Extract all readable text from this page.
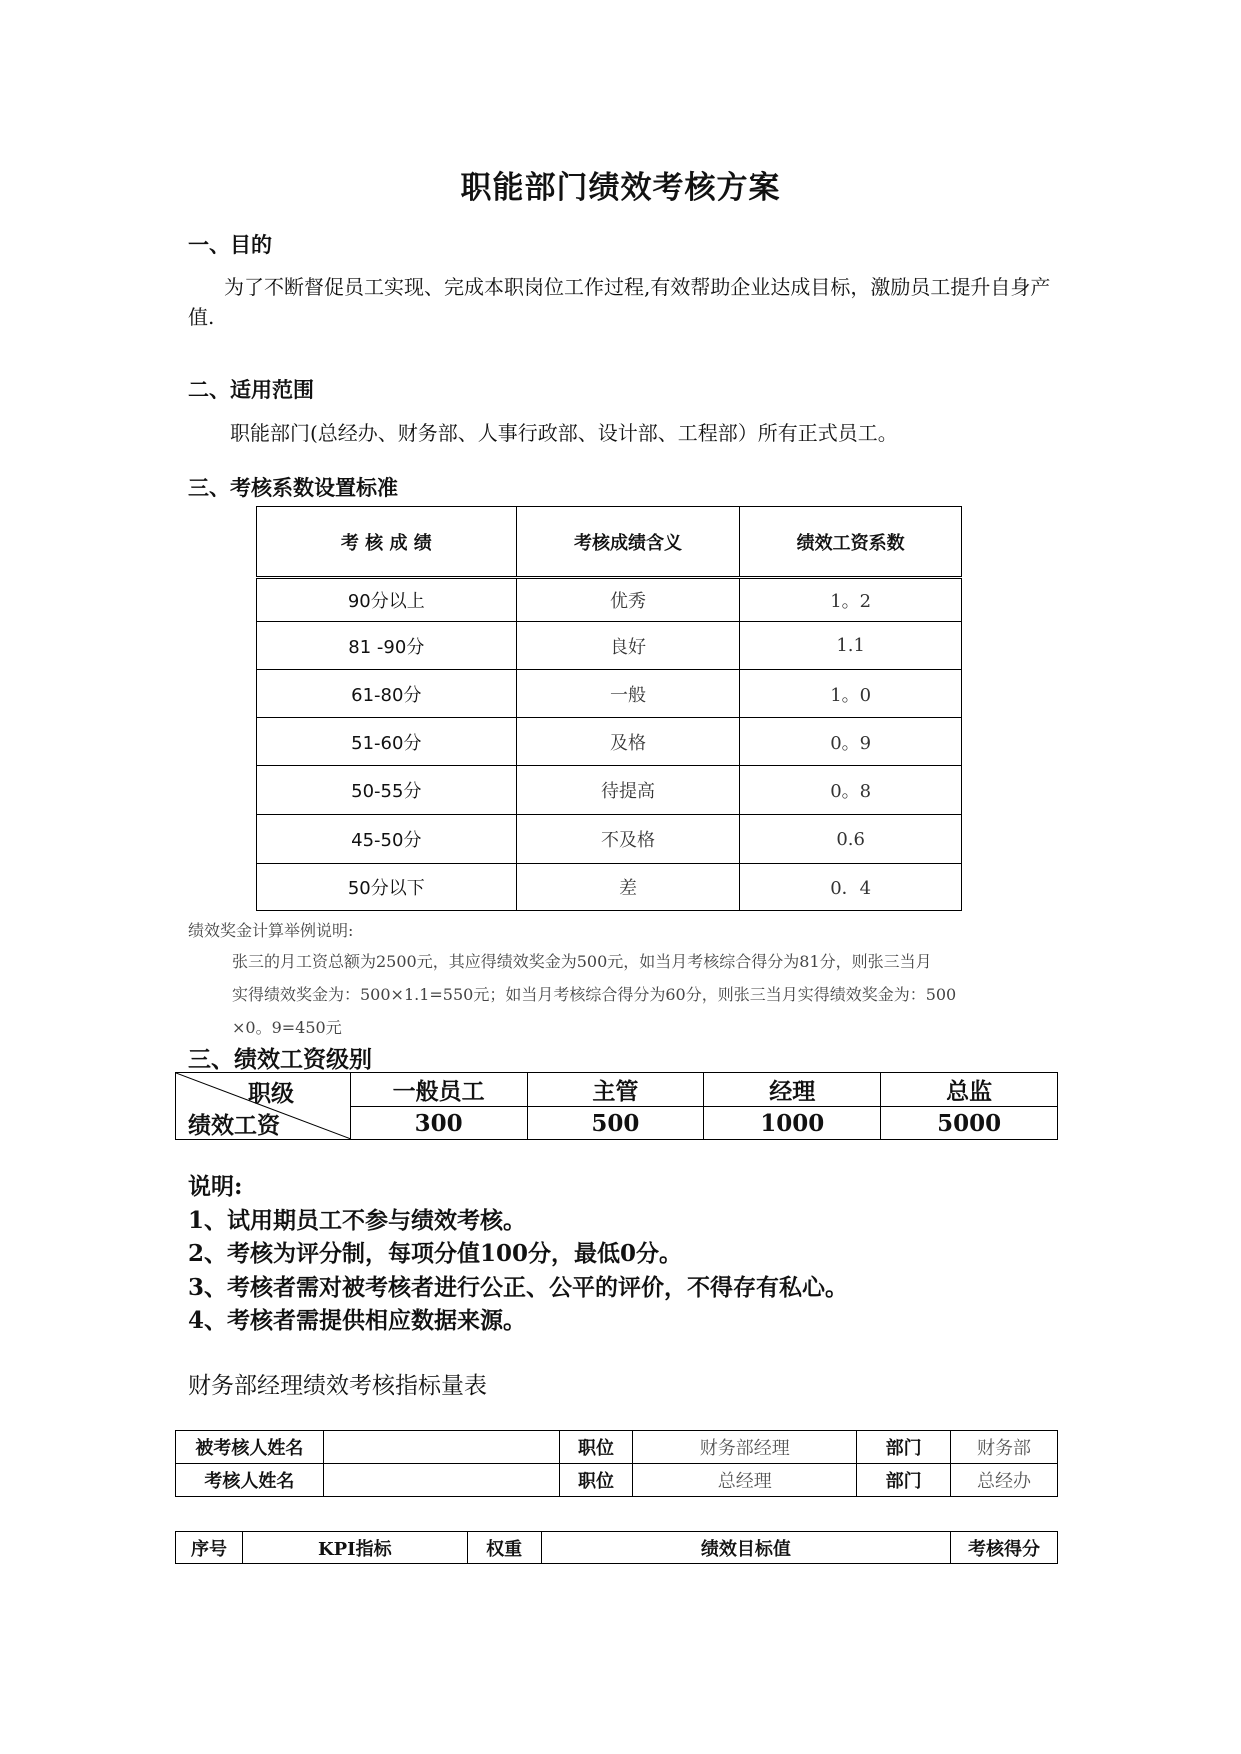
职能部门绩效考核方案
一、目的
为了不断督促员工实现、完成本职岗位工作过程,有效帮助企业达成目标，激励员工提升自身产值.
二、适用范围
职能部门(总经办、财务部、人事行政部、设计部、工程部）所有正式员工。
三、考核系数设置标准
考 核 成 绩	考核成绩含义	绩效工资系数
90分以上	优秀	1。2
81 -90分	良好	1.1
61-80分	一般	1。0
51-60分	及格	0。9
50-55分	待提高	0。8
45-50分	不及格	0.6
50分以下	差	0．4
绩效奖金计算举例说明:
张三的月工资总额为2500元，其应得绩效奖金为500元，如当月考核综合得分为81分，则张三当月
实得绩效奖金为：500×1.1=550元；如当月考核综合得分为60分，则张三当月实得绩效奖金为：500
×0。9=450元
三、绩效工资级别
职级
绩效工资	一般员工	主管	经理	总监
	300	500	1000	5000
说明:
1、试用期员工不参与绩效考核。
2、考核为评分制，每项分值100分，最低0分。
3、考核者需对被考核者进行公正、公平的评价，不得存有私心。
4、考核者需提供相应数据来源。
财务部经理绩效考核指标量表
被考核人姓名		职位	财务部经理	部门	财务部
考核人姓名		职位	总经理	部门	总经办
序号	KPI指标	权重	绩效目标值	考核得分
